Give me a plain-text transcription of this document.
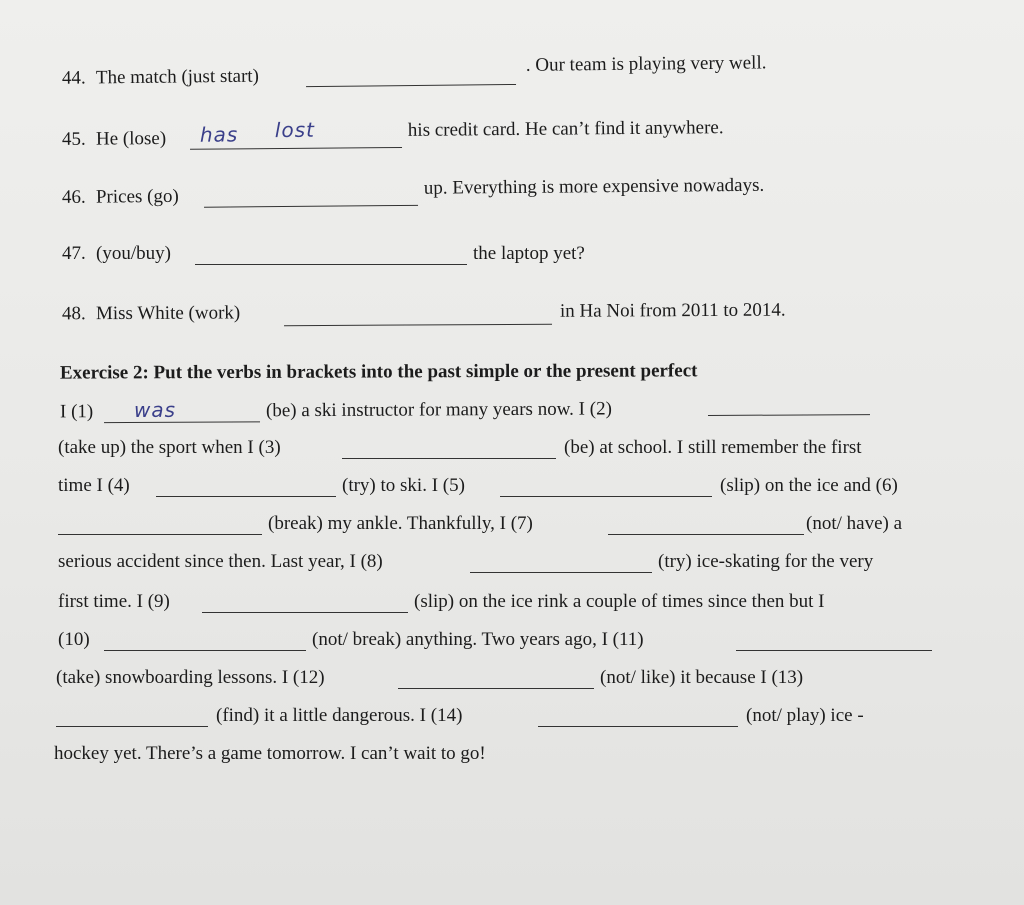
44. The match (just start)
. Our team is playing very well.
45. He (lose) has lost	his credit card. He can’t find it anywhere.
46. Prices (go)	up. Everything is more expensive nowadays.
47. (you/buy)	the laptop yet?
48. Miss White (work)	in Ha Noi from 2011 to 2014.
Exercise 2: Put the verbs in brackets into the past simple or the present perfect
I (1) was	(be) a ski instructor for many years now. I (2)
(take up) the sport when I (3)	(be) at school. I still remember the first
time I (4)	(try) to ski. I (5)	(slip) on the ice and (6)
(break) my ankle. Thankfully, I (7)	(not/ have) a
serious accident since then. Last year, I (8)	(try) ice-skating for the very
first time. I (9)	(slip) on the ice rink a couple of times since then but I
(10)	(not/ break) anything. Two years ago, I (11)
(take) snowboarding lessons. I (12)	(not/ like) it because I (13)
(find) it a little dangerous. I (14)	(not/ play) ice -
hockey yet. There’s a game tomorrow. I can’t wait to go!
